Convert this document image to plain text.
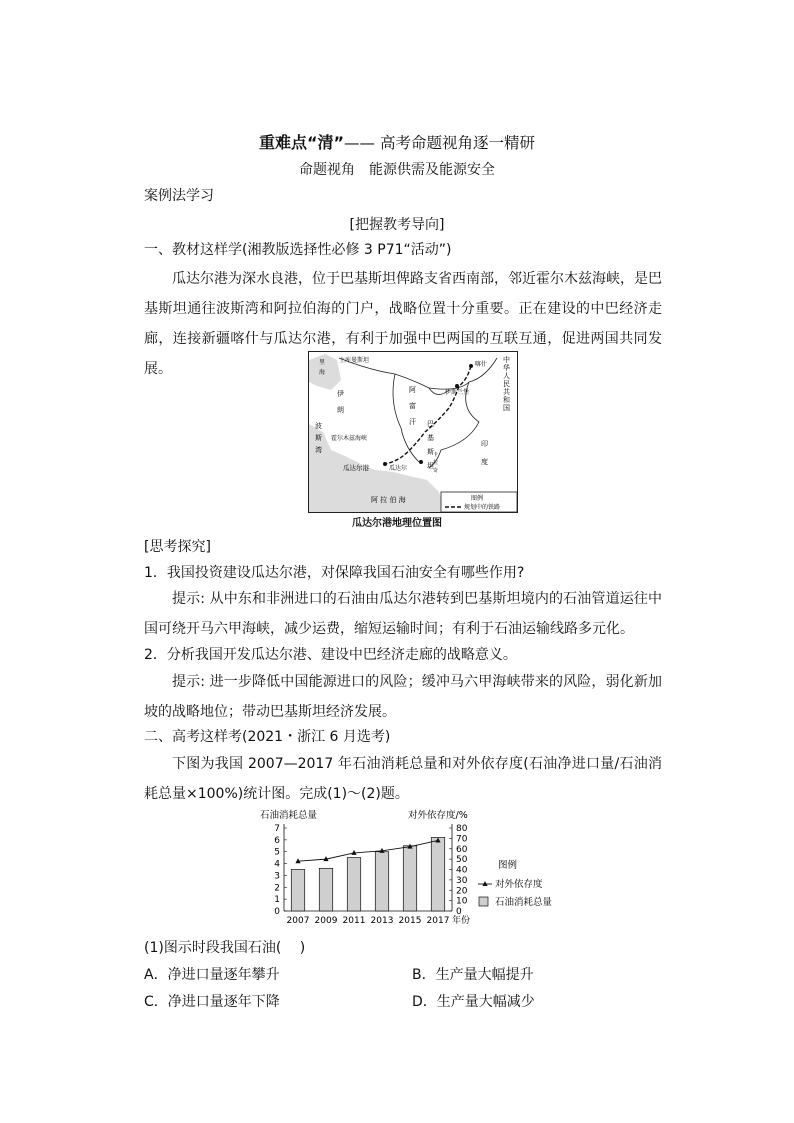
重难点“清”—— 高考命题视角逐一精研
命题视角　能源供需及能源安全
案例法学习
[把握教考导向]
一、教材这样学(湘教版选择性必修 3 P71“活动”)
瓜达尔港为深水良港，位于巴基斯坦俾路支省西南部，邻近霍尔木兹海峡，是巴基斯坦通往波斯湾和阿拉伯海的门户，战略位置十分重要。正在建设的中巴经济走廊，连接新疆喀什与瓜达尔港，有利于加强中巴两国的互联互通，促进两国共同发展。
土库曼斯坦
喀什
伊斯兰堡
霍尔木兹海峡
瓜达尔港	瓜达尔
阿 拉 伯 海
中
华
人
民
共
和
国
伊
朗
阿
富
汗 巴
基
斯
坦
印
度
波
斯
湾
里
海
卡
拉
奇
图例
规划中的铁路
瓜达尔港地理位置图
[思考探究]
1．我国投资建设瓜达尔港，对保障我国石油安全有哪些作用?
提示: 从中东和非洲进口的石油由瓜达尔港转到巴基斯坦境内的石油管道运往中国可绕开马六甲海峡，减少运费，缩短运输时间；有利于石油运输线路多元化。
2．分析我国开发瓜达尔港、建设中巴经济走廊的战略意义。
提示: 进一步降低中国能源进口的风险；缓冲马六甲海峡带来的风险，弱化新加坡的战略地位；带动巴基斯坦经济发展。
二、高考这样考(2021・浙江 6 月选考)
下图为我国 2007—2017 年石油消耗总量和对外依存度(石油净进口量/石油消耗总量×100%)统计图。完成(1)～(2)题。
石油消耗总量	对外依存度/%
0
1
2
3
4
5
6
7
0
10
20
30
40
50
60
70
80
2007 2009 2011 2013 2015 2017 年份
图例
对外依存度
石油消耗总量
(1)图示时段我国石油(　 )
A．净进口量逐年攀升	B．生产量大幅提升
C．净进口量逐年下降	D．生产量大幅减少
